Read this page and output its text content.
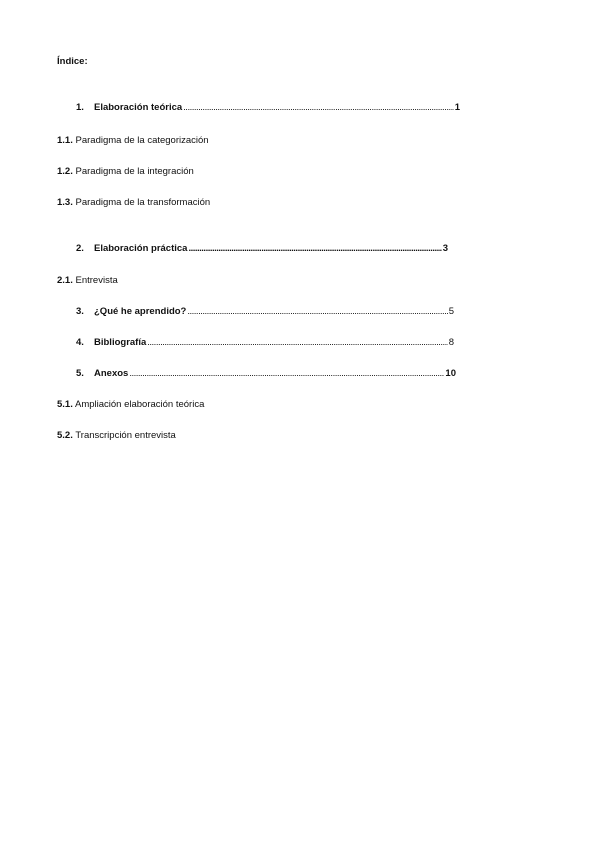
Índice:
1.	Elaboración teórica .....	1
1.1. Paradigma de la categorización
1.2. Paradigma de la integración
1.3. Paradigma de la transformación
2.	Elaboración práctica .....	3
2.1. Entrevista
3.	¿Qué he aprendido? .....	5
4.	Bibliografía .....	8
5.	Anexos .....	10
5.1. Ampliación elaboración teórica
5.2. Transcripción entrevista
